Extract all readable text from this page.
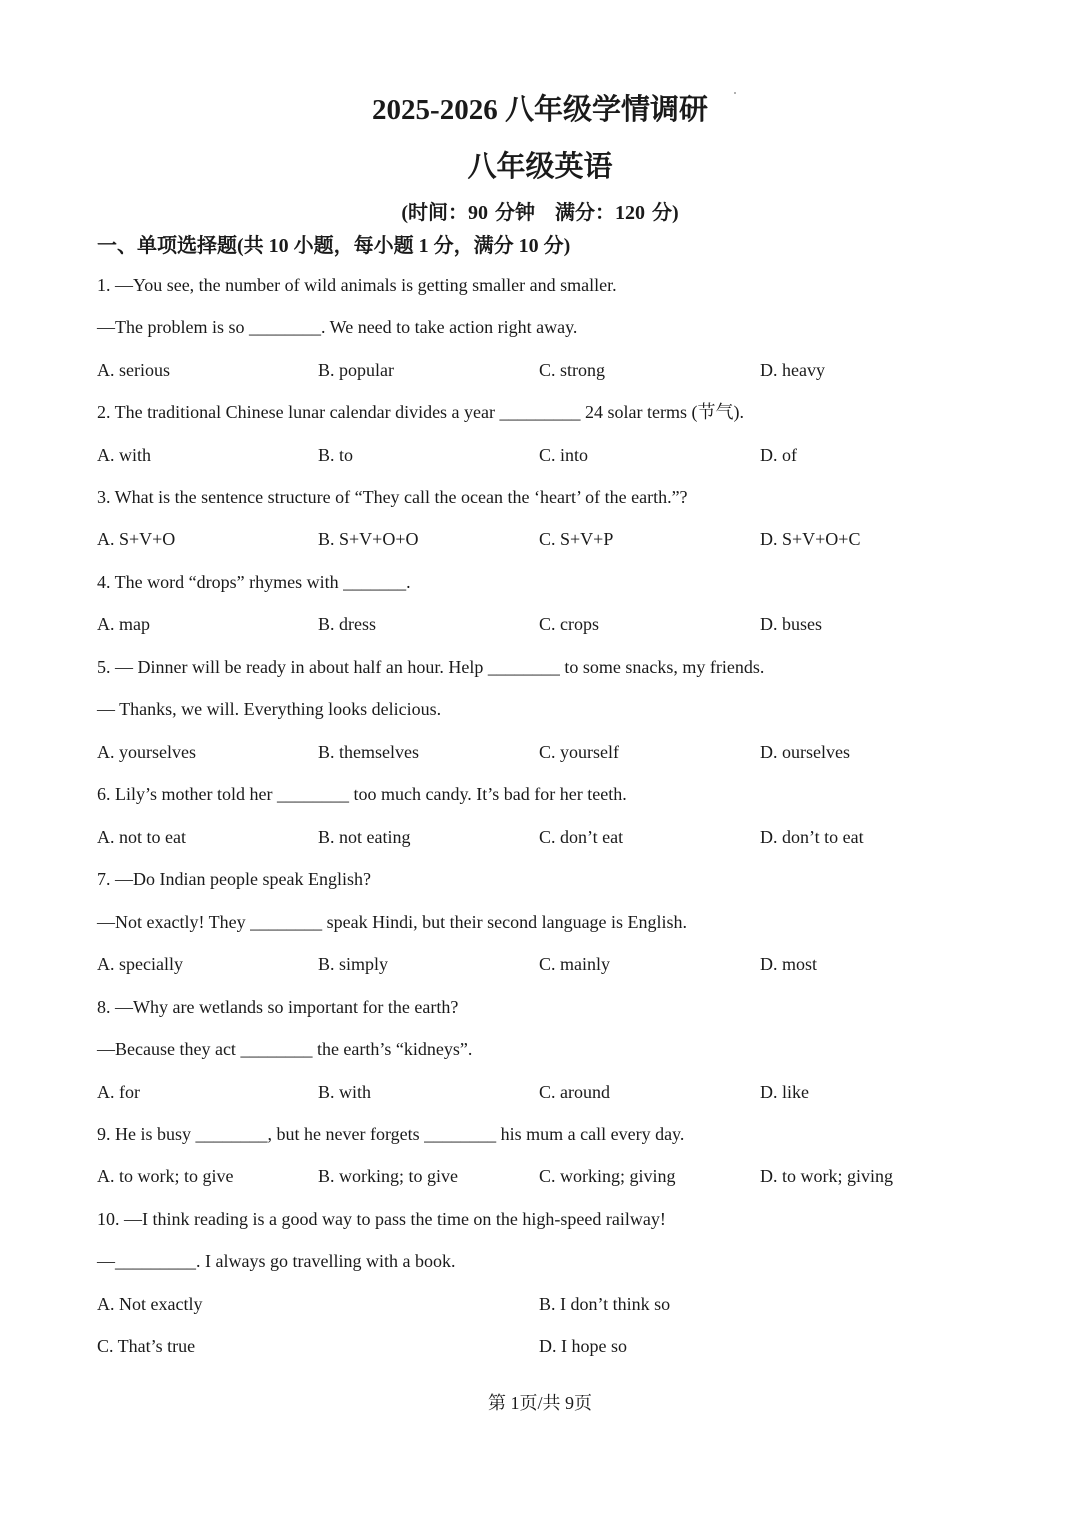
2025-2026 八年级学情调研
八年级英语
(时间：90 分钟　满分：120 分)
一、单项选择题(共 10 小题，每小题 1 分，满分 10 分)
1. —You see, the number of wild animals is getting smaller and smaller.
—The problem is so ________. We need to take action right away.
A. serious	B. popular	C. strong	D. heavy
2. The traditional Chinese lunar calendar divides a year _________ 24 solar terms (节气).
A. with	B. to	C. into	D. of
3. What is the sentence structure of “They call the ocean the ‘heart’ of the earth.”?
A. S+V+O	B. S+V+O+O	C. S+V+P	D. S+V+O+C
4. The word “drops” rhymes with _______.
A. map	B. dress	C. crops	D. buses
5. — Dinner will be ready in about half an hour. Help ________ to some snacks, my friends.
— Thanks, we will. Everything looks delicious.
A. yourselves	B. themselves	C. yourself	D. ourselves
6. Lily’s mother told her ________ too much candy. It’s bad for her teeth.
A. not to eat	B. not eating	C. don’t eat	D. don’t to eat
7. —Do Indian people speak English?
—Not exactly! They ________ speak Hindi, but their second language is English.
A. specially	B. simply	C. mainly	D. most
8. —Why are wetlands so important for the earth?
—Because they act ________ the earth’s “kidneys”.
A. for	B. with	C. around	D. like
9. He is busy ________, but he never forgets ________ his mum a call every day.
A. to work; to give	B. working; to give	C. working; giving	D. to work; giving
10. —I think reading is a good way to pass the time on the high-speed railway!
—_________. I always go travelling with a book.
A. Not exactly	B. I don’t think so
C. That’s true	D. I hope so
第 1页/共 9页
